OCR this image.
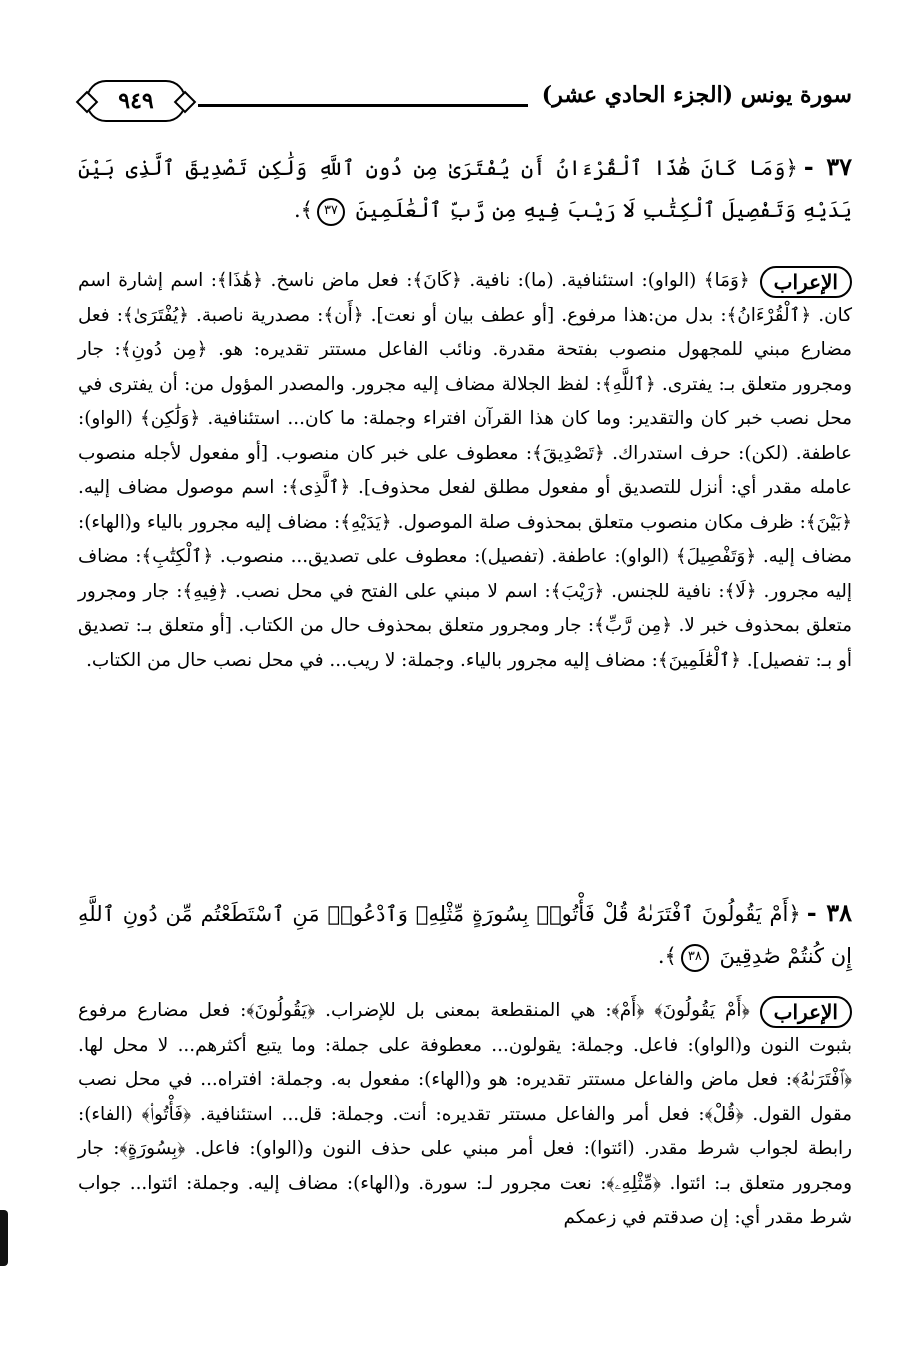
٩٤٩	سورة يونس (الجزء الحادي عشر)
٣٧ -﴿وَمَا كَانَ هَٰذَا ٱلْقُرْءَانُ أَن يُفْتَرَىٰ مِن دُونِ ٱللَّهِ وَلَٰكِن تَصْدِيقَ ٱلَّذِى بَيْنَ يَدَيْهِ وَتَفْصِيلَ ٱلْكِتَٰبِ لَا رَيْبَ فِيهِ مِن رَّبِّ ٱلْعَٰلَمِينَ ٣٧﴾.
الإعراب
﴿وَمَا﴾ (الواو): استئنافية. (ما): نافية. ﴿كَانَ﴾: فعل ماض ناسخ. ﴿هَٰذَا﴾: اسم إشارة اسم كان. ﴿ٱلْقُرْءَانُ﴾: بدل من:هذا مرفوع. [أو عطف بيان أو نعت]. ﴿أَن﴾: مصدرية ناصبة. ﴿يُفْتَرَىٰ﴾: فعل مضارع مبني للمجهول منصوب بفتحة مقدرة. ونائب الفاعل مستتر تقديره: هو. ﴿مِن دُونِ﴾: جار ومجرور متعلق بـ: يفترى. ﴿ٱللَّهِ﴾: لفظ الجلالة مضاف إليه مجرور. والمصدر المؤول من: أن يفترى في محل نصب خبر كان والتقدير: وما كان هذا القرآن افتراء وجملة: ما كان... استئنافية. ﴿وَلَٰكِن﴾ (الواو): عاطفة. (لكن): حرف استدراك. ﴿تَصْدِيقَ﴾: معطوف على خبر كان منصوب. [أو مفعول لأجله منصوب عامله مقدر أي: أنزل للتصديق أو مفعول مطلق لفعل محذوف]. ﴿ٱلَّذِى﴾: اسم موصول مضاف إليه. ﴿بَيْنَ﴾: ظرف مكان منصوب متعلق بمحذوف صلة الموصول. ﴿يَدَيْهِ﴾: مضاف إليه مجرور بالياء و(الهاء): مضاف إليه. ﴿وَتَفْصِيلَ﴾ (الواو): عاطفة. (تفصيل): معطوف على تصديق... منصوب. ﴿ٱلْكِتَٰبِ﴾: مضاف إليه مجرور. ﴿لَا﴾: نافية للجنس. ﴿رَيْبَ﴾: اسم لا مبني على الفتح في محل نصب. ﴿فِيهِ﴾: جار ومجرور متعلق بمحذوف خبر لا. ﴿مِن رَّبِّ﴾: جار ومجرور متعلق بمحذوف حال من الكتاب. [أو متعلق بـ: تصديق أو بـ: تفصيل]. ﴿ٱلْعَٰلَمِينَ﴾: مضاف إليه مجرور بالياء. وجملة: لا ريب... في محل نصب حال من الكتاب.
٣٨ -﴿أَمْ يَقُولُونَ ٱفْتَرَىٰهُ قُلْ فَأْتُوا۟ بِسُورَةٍ مِّثْلِهِۦ وَٱدْعُوا۟ مَنِ ٱسْتَطَعْتُم مِّن دُونِ ٱللَّهِ إِن كُنتُمْ صَٰدِقِينَ ٣٨﴾.
الإعراب
﴿أَمْ يَقُولُونَ﴾ ﴿أَمْ﴾: هي المنقطعة بمعنى بل للإضراب. ﴿يَقُولُونَ﴾: فعل مضارع مرفوع بثبوت النون و(الواو): فاعل. وجملة: يقولون... معطوفة على جملة: وما يتبع أكثرهم... لا محل لها. ﴿ٱفْتَرَىٰهُ﴾: فعل ماض والفاعل مستتر تقديره: هو و(الهاء): مفعول به. وجملة: افتراه... في محل نصب مقول القول. ﴿قُلْ﴾: فعل أمر والفاعل مستتر تقديره: أنت. وجملة: قل... استئنافية. ﴿فَأْتُوا۟﴾ (الفاء): رابطة لجواب شرط مقدر. (ائتوا): فعل أمر مبني على حذف النون و(الواو): فاعل. ﴿بِسُورَةٍ﴾: جار ومجرور متعلق بـ: ائتوا. ﴿مِّثْلِهِۦ﴾: نعت مجرور لـ: سورة. و(الهاء): مضاف إليه. وجملة: ائتوا... جواب شرط مقدر أي: إن صدقتم في زعمكم
